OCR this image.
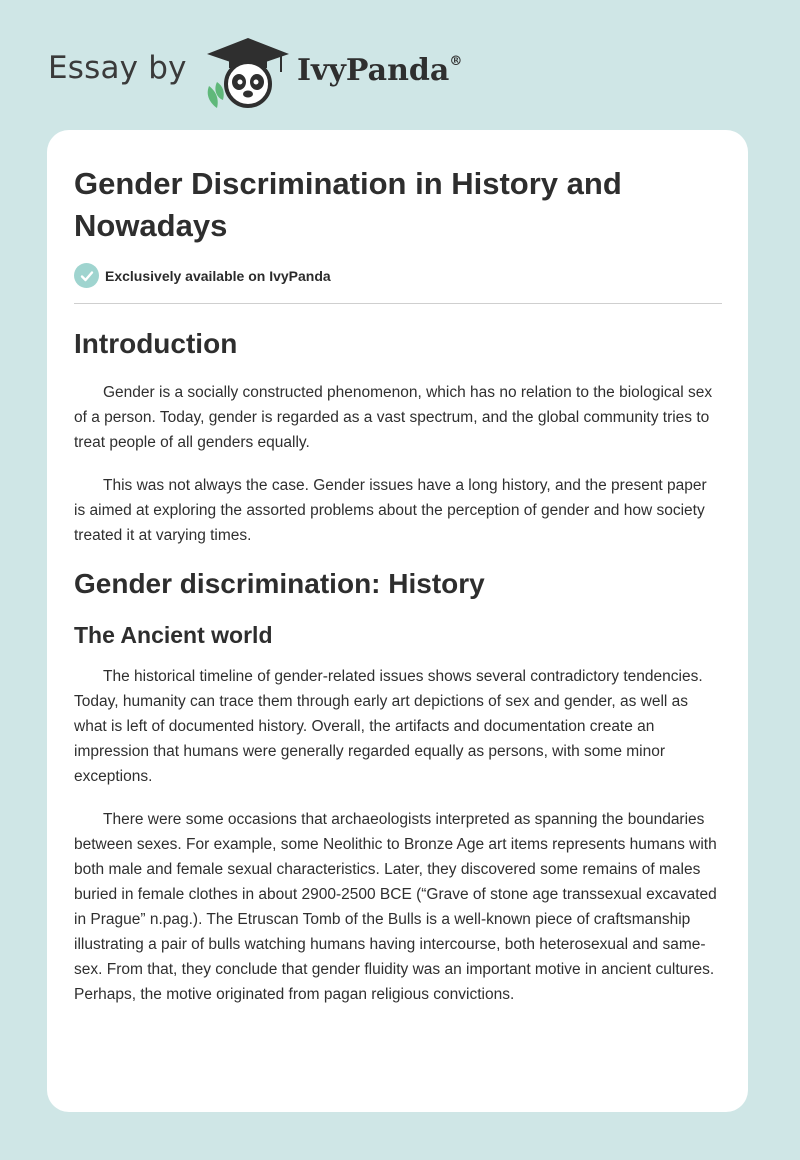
Essay by	IvyPanda®
Gender Discrimination in History and Nowadays
Exclusively available on IvyPanda
Introduction

Gender is a socially constructed phenomenon, which has no relation to the biological sex of a person. Today, gender is regarded as a vast spectrum, and the global community tries to treat people of all genders equally.

This was not always the case. Gender issues have a long history, and the present paper is aimed at exploring the assorted problems about the perception of gender and how society treated it at varying times.

Gender discrimination: History
The Ancient world

The historical timeline of gender-related issues shows several contradictory tendencies. Today, humanity can trace them through early art depictions of sex and gender, as well as what is left of documented history. Overall, the artifacts and documentation create an impression that humans were generally regarded equally as persons, with some minor exceptions.

There were some occasions that archaeologists interpreted as spanning the boundaries between sexes. For example, some Neolithic to Bronze Age art items represents humans with both male and female sexual characteristics. Later, they discovered some remains of males buried in female clothes in about 2900-2500 BCE (“Grave of stone age transsexual excavated in Prague” n.pag.). The Etruscan Tomb of the Bulls is a well-known piece of craftsmanship illustrating a pair of bulls watching humans having intercourse, both heterosexual and same-sex. From that, they conclude that gender fluidity was an important motive in ancient cultures. Perhaps, the motive originated from pagan religious convictions.
